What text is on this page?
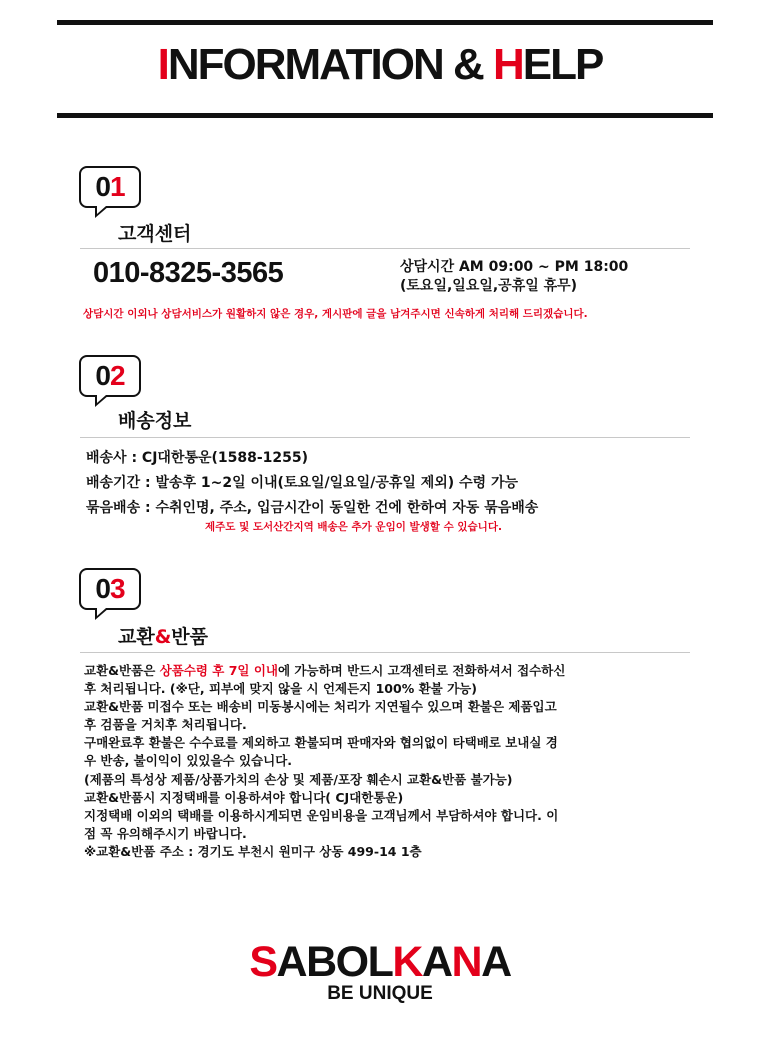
INFORMATION & HELP
01
고객센터
010-8325-3565	상담시간 AM 09:00 ~ PM 18:00
(토요일,일요일,공휴일 휴무)
상담시간 이외나 상담서비스가 원활하지 않은 경우, 게시판에 글을 남겨주시면 신속하게 처리해 드리겠습니다.
02
배송정보
배송사 : CJ대한통운(1588-1255)
배송기간 : 발송후 1~2일 이내(토요일/일요일/공휴일 제외) 수령 가능
묶음배송 : 수취인명, 주소, 입금시간이 동일한 건에 한하여 자동 묶음배송
제주도 및 도서산간지역 배송은 추가 운임이 발생할 수 있습니다.
03
교환&반품
교환&반품은 상품수령 후 7일 이내에 가능하며 반드시 고객센터로 전화하셔서 접수하신
후 처리됩니다. (※단, 피부에 맞지 않을 시 언제든지 100% 환불 가능)
교환&반품 미접수 또는 배송비 미동봉시에는 처리가 지연될수 있으며 환불은 제품입고
후 검품을 거치후 처리됩니다.
구매완료후 환불은 수수료를 제외하고 환불되며 판매자와 협의없이 타택배로 보내실 경
우 반송, 불이익이 있있을수 있습니다.
(제품의 특성상 제품/상품가치의 손상 및 제품/포장 훼손시 교환&반품 불가능)
교환&반품시 지정택배를 이용하셔야 합니다( CJ대한통운)
지정택배 이외의 택배를 이용하시게되면 운임비용을 고객님께서 부담하셔야 합니다. 이
점 꼭 유의해주시기 바랍니다.
※교환&반품 주소 : 경기도 부천시 원미구 상동 499-14 1층
SABOLKANA
BE UNIQUE
